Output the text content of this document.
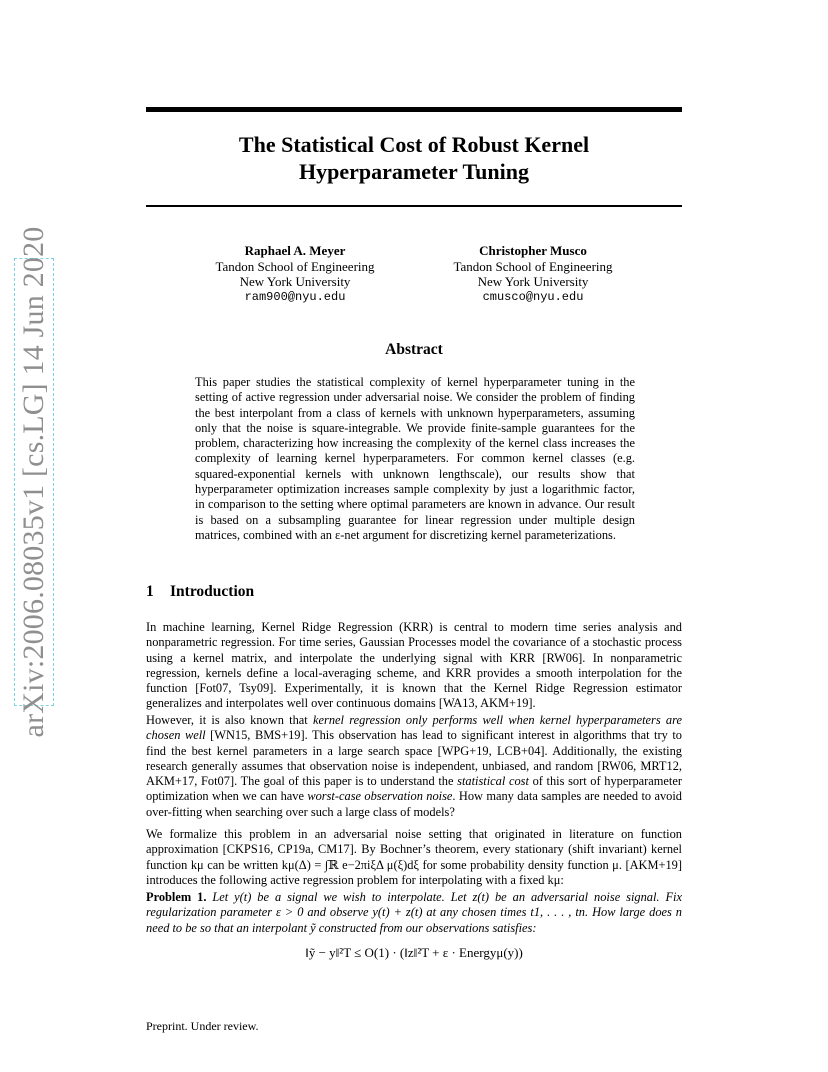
arXiv:2006.08035v1 [cs.LG] 14 Jun 2020
The Statistical Cost of Robust Kernel
Hyperparameter Tuning
Raphael A. Meyer
Tandon School of Engineering
New York University
ram900@nyu.edu
Christopher Musco
Tandon School of Engineering
New York University
cmusco@nyu.edu
Abstract

This paper studies the statistical complexity of kernel hyperparameter tuning in the setting of active regression under adversarial noise. We consider the problem of finding the best interpolant from a class of kernels with unknown hyperparameters, assuming only that the noise is square-integrable. We provide finite-sample guarantees for the problem, characterizing how increasing the complexity of the kernel class increases the complexity of learning kernel hyperparameters. For common kernel classes (e.g. squared-exponential kernels with unknown lengthscale), our results show that hyperparameter optimization increases sample complexity by just a logarithmic factor, in comparison to the setting where optimal parameters are known in advance. Our result is based on a subsampling guarantee for linear regression under multiple design matrices, combined with an ε-net argument for discretizing kernel parameterizations.

1 Introduction

In machine learning, Kernel Ridge Regression (KRR) is central to modern time series analysis and nonparametric regression. For time series, Gaussian Processes model the covariance of a stochastic process using a kernel matrix, and interpolate the underlying signal with KRR [RW06]. In nonparametric regression, kernels define a local-averaging scheme, and KRR provides a smooth interpolation for the function [Fot07, Tsy09]. Experimentally, it is known that the Kernel Ridge Regression estimator generalizes and interpolates well over continuous domains [WA13, AKM+19].

However, it is also known that kernel regression only performs well when kernel hyperparameters are chosen well [WN15, BMS+19]. This observation has lead to significant interest in algorithms that try to find the best kernel parameters in a large search space [WPG+19, LCB+04]. Additionally, the existing research generally assumes that observation noise is independent, unbiased, and random [RW06, MRT12, AKM+17, Fot07]. The goal of this paper is to understand the statistical cost of this sort of hyperparameter optimization when we can have worst-case observation noise. How many data samples are needed to avoid over-fitting when searching over such a large class of models?

We formalize this problem in an adversarial noise setting that originated in literature on function approximation [CKPS16, CP19a, CM17]. By Bochner’s theorem, every stationary (shift invariant) kernel function kμ can be written kμ(Δ) = ∫ℝ e−2πiξΔ μ(ξ)dξ for some probability density function μ. [AKM+19] introduces the following active regression problem for interpolating with a fixed kμ:

Problem 1. Let y(t) be a signal we wish to interpolate. Let z(t) be an adversarial noise signal. Fix regularization parameter ε > 0 and observe y(t) + z(t) at any chosen times t1, . . . , tn. How large does n need to be so that an interpolant ỹ constructed from our observations satisfies:

‖ỹ − y‖²T ≤ O(1) · (‖z‖²T + ε · Energyμ(y))

Preprint. Under review.
